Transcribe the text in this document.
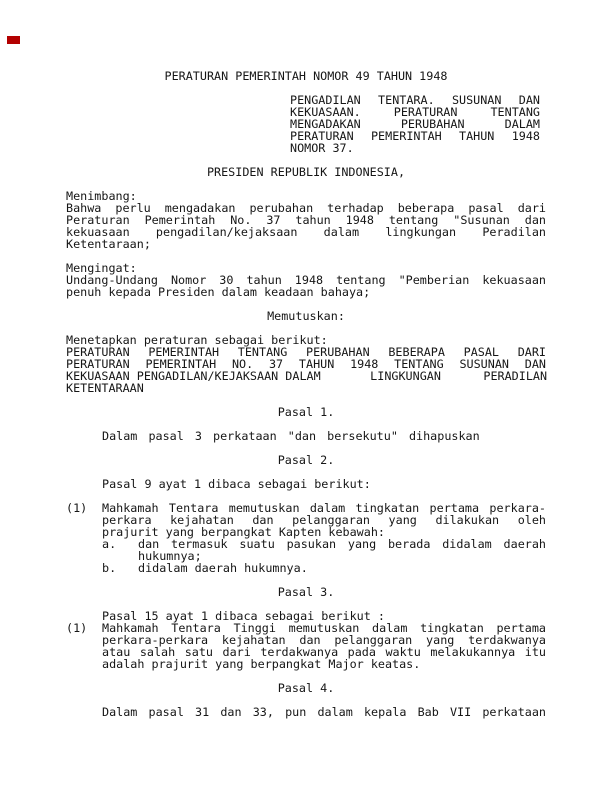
PERATURAN PEMERINTAH NOMOR 49 TAHUN 1948
PENGADILAN TENTARA. SUSUNAN DAN
KEKUASAAN. PERATURAN TENTANG
MENGADAKAN PERUBAHAN DALAM
PERATURAN PEMERINTAH TAHUN 1948
NOMOR 37.
PRESIDEN REPUBLIK INDONESIA,
Menimbang:
Bahwa perlu mengadakan perubahan terhadap beberapa pasal dari
Peraturan Pemerintah No. 37 tahun 1948 tentang "Susunan dan
kekuasaan pengadilan/kejaksaan dalam lingkungan Peradilan
Ketentaraan;
Mengingat:
Undang-Undang Nomor 30 tahun 1948 tentang "Pemberian kekuasaan
penuh kepada Presiden dalam keadaan bahaya;
Memutuskan:
Menetapkan peraturan sebagai berikut:
PERATURAN PEMERINTAH TENTANG PERUBAHAN BEBERAPA PASAL DARI
PERATURAN PEMERINTAH NO. 37 TAHUN 1948 TENTANG SUSUNAN DAN
KEKUASAAN PENGADILAN/KEJAKSAAN DALAM       LINGKUNGAN      PERADILAN
KETENTARAAN
Pasal 1.
Dalam pasal 3 perkataan "dan bersekutu" dihapuskan
Pasal 2.
Pasal 9 ayat 1 dibaca sebagai berikut:
(1)	Mahkamah Tentara memutuskan dalam tingkatan pertama perkara-
perkara kejahatan dan pelanggaran yang dilakukan oleh
prajurit yang berpangkat Kapten kebawah:
a.	dan termasuk suatu pasukan yang berada didalam daerah
hukumnya;
b.	didalam daerah hukumnya.
Pasal 3.
Pasal 15 ayat 1 dibaca sebagai berikut :
(1)	Mahkamah Tentara Tinggi memutuskan dalam tingkatan pertama
perkara-perkara kejahatan dan pelanggaran yang terdakwanya
atau salah satu dari terdakwanya pada waktu melakukannya itu
adalah prajurit yang berpangkat Major keatas.
Pasal 4.
Dalam pasal 31 dan 33, pun dalam kepala Bab VII perkataan
